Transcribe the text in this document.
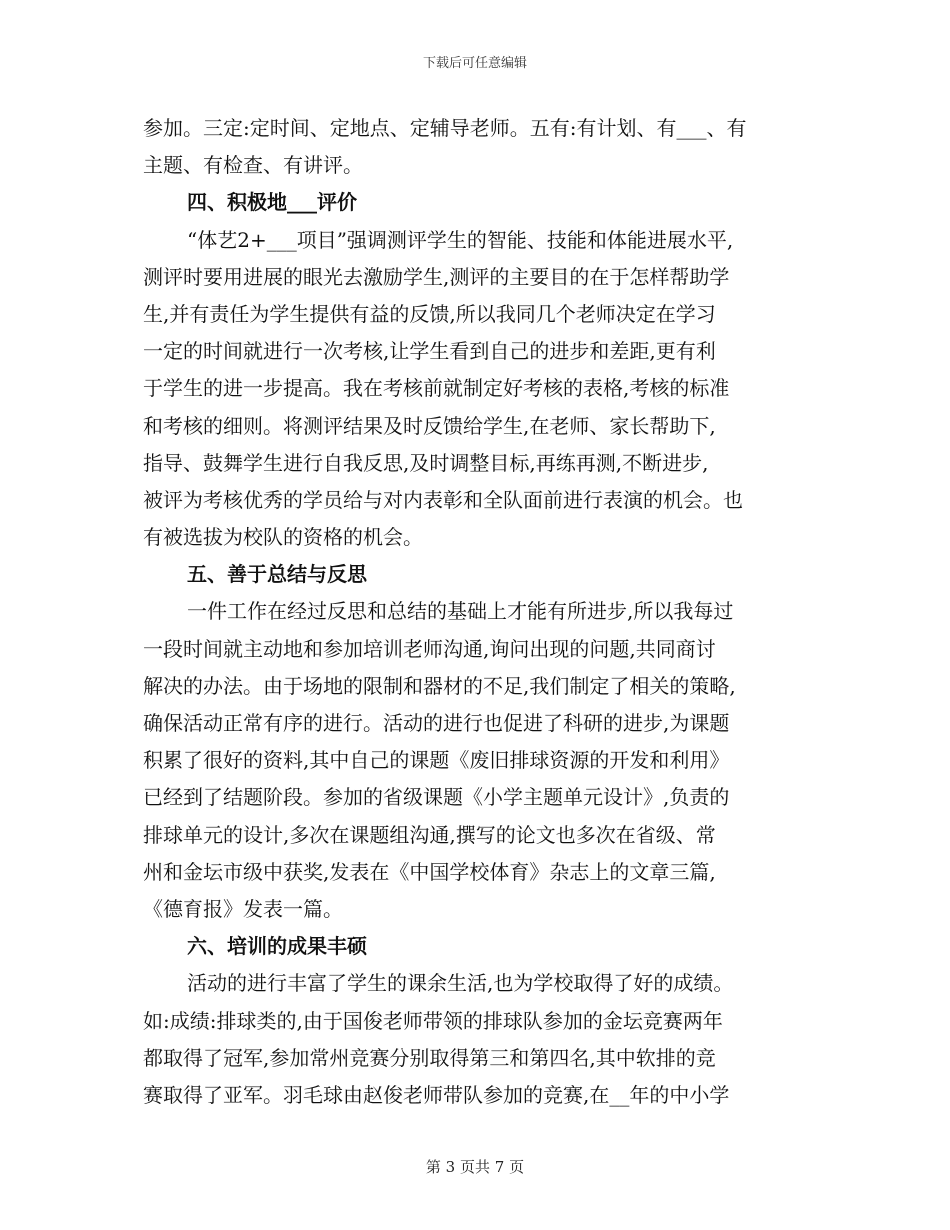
下载后可任意编辑
参加。三定:定时间、定地点、定辅导老师。五有:有计划、有___、有
主题、有检查、有讲评。
四、积极地___评价
“体艺2+___项目”强调测评学生的智能、技能和体能进展水平,
测评时要用进展的眼光去激励学生,测评的主要目的在于怎样帮助学
生,并有责任为学生提供有益的反馈,所以我同几个老师决定在学习
一定的时间就进行一次考核,让学生看到自己的进步和差距,更有利
于学生的进一步提高。我在考核前就制定好考核的表格,考核的标准
和考核的细则。将测评结果及时反馈给学生,在老师、家长帮助下,
指导、鼓舞学生进行自我反思,及时调整目标,再练再测,不断进步,
被评为考核优秀的学员给与对内表彰和全队面前进行表演的机会。也
有被选拔为校队的资格的机会。
五、善于总结与反思
一件工作在经过反思和总结的基础上才能有所进步,所以我每过
一段时间就主动地和参加培训老师沟通,询问出现的问题,共同商讨
解决的办法。由于场地的限制和器材的不足,我们制定了相关的策略,
确保活动正常有序的进行。活动的进行也促进了科研的进步,为课题
积累了很好的资料,其中自己的课题《废旧排球资源的开发和利用》
已经到了结题阶段。参加的省级课题《小学主题单元设计》,负责的
排球单元的设计,多次在课题组沟通,撰写的论文也多次在省级、常
州和金坛市级中获奖,发表在《中国学校体育》杂志上的文章三篇,
《德育报》发表一篇。
六、培训的成果丰硕
活动的进行丰富了学生的课余生活,也为学校取得了好的成绩。
如:成绩:排球类的,由于国俊老师带领的排球队参加的金坛竞赛两年
都取得了冠军,参加常州竞赛分别取得第三和第四名,其中软排的竞
赛取得了亚军。羽毛球由赵俊老师带队参加的竞赛,在__年的中小学
第 3 页共 7 页
